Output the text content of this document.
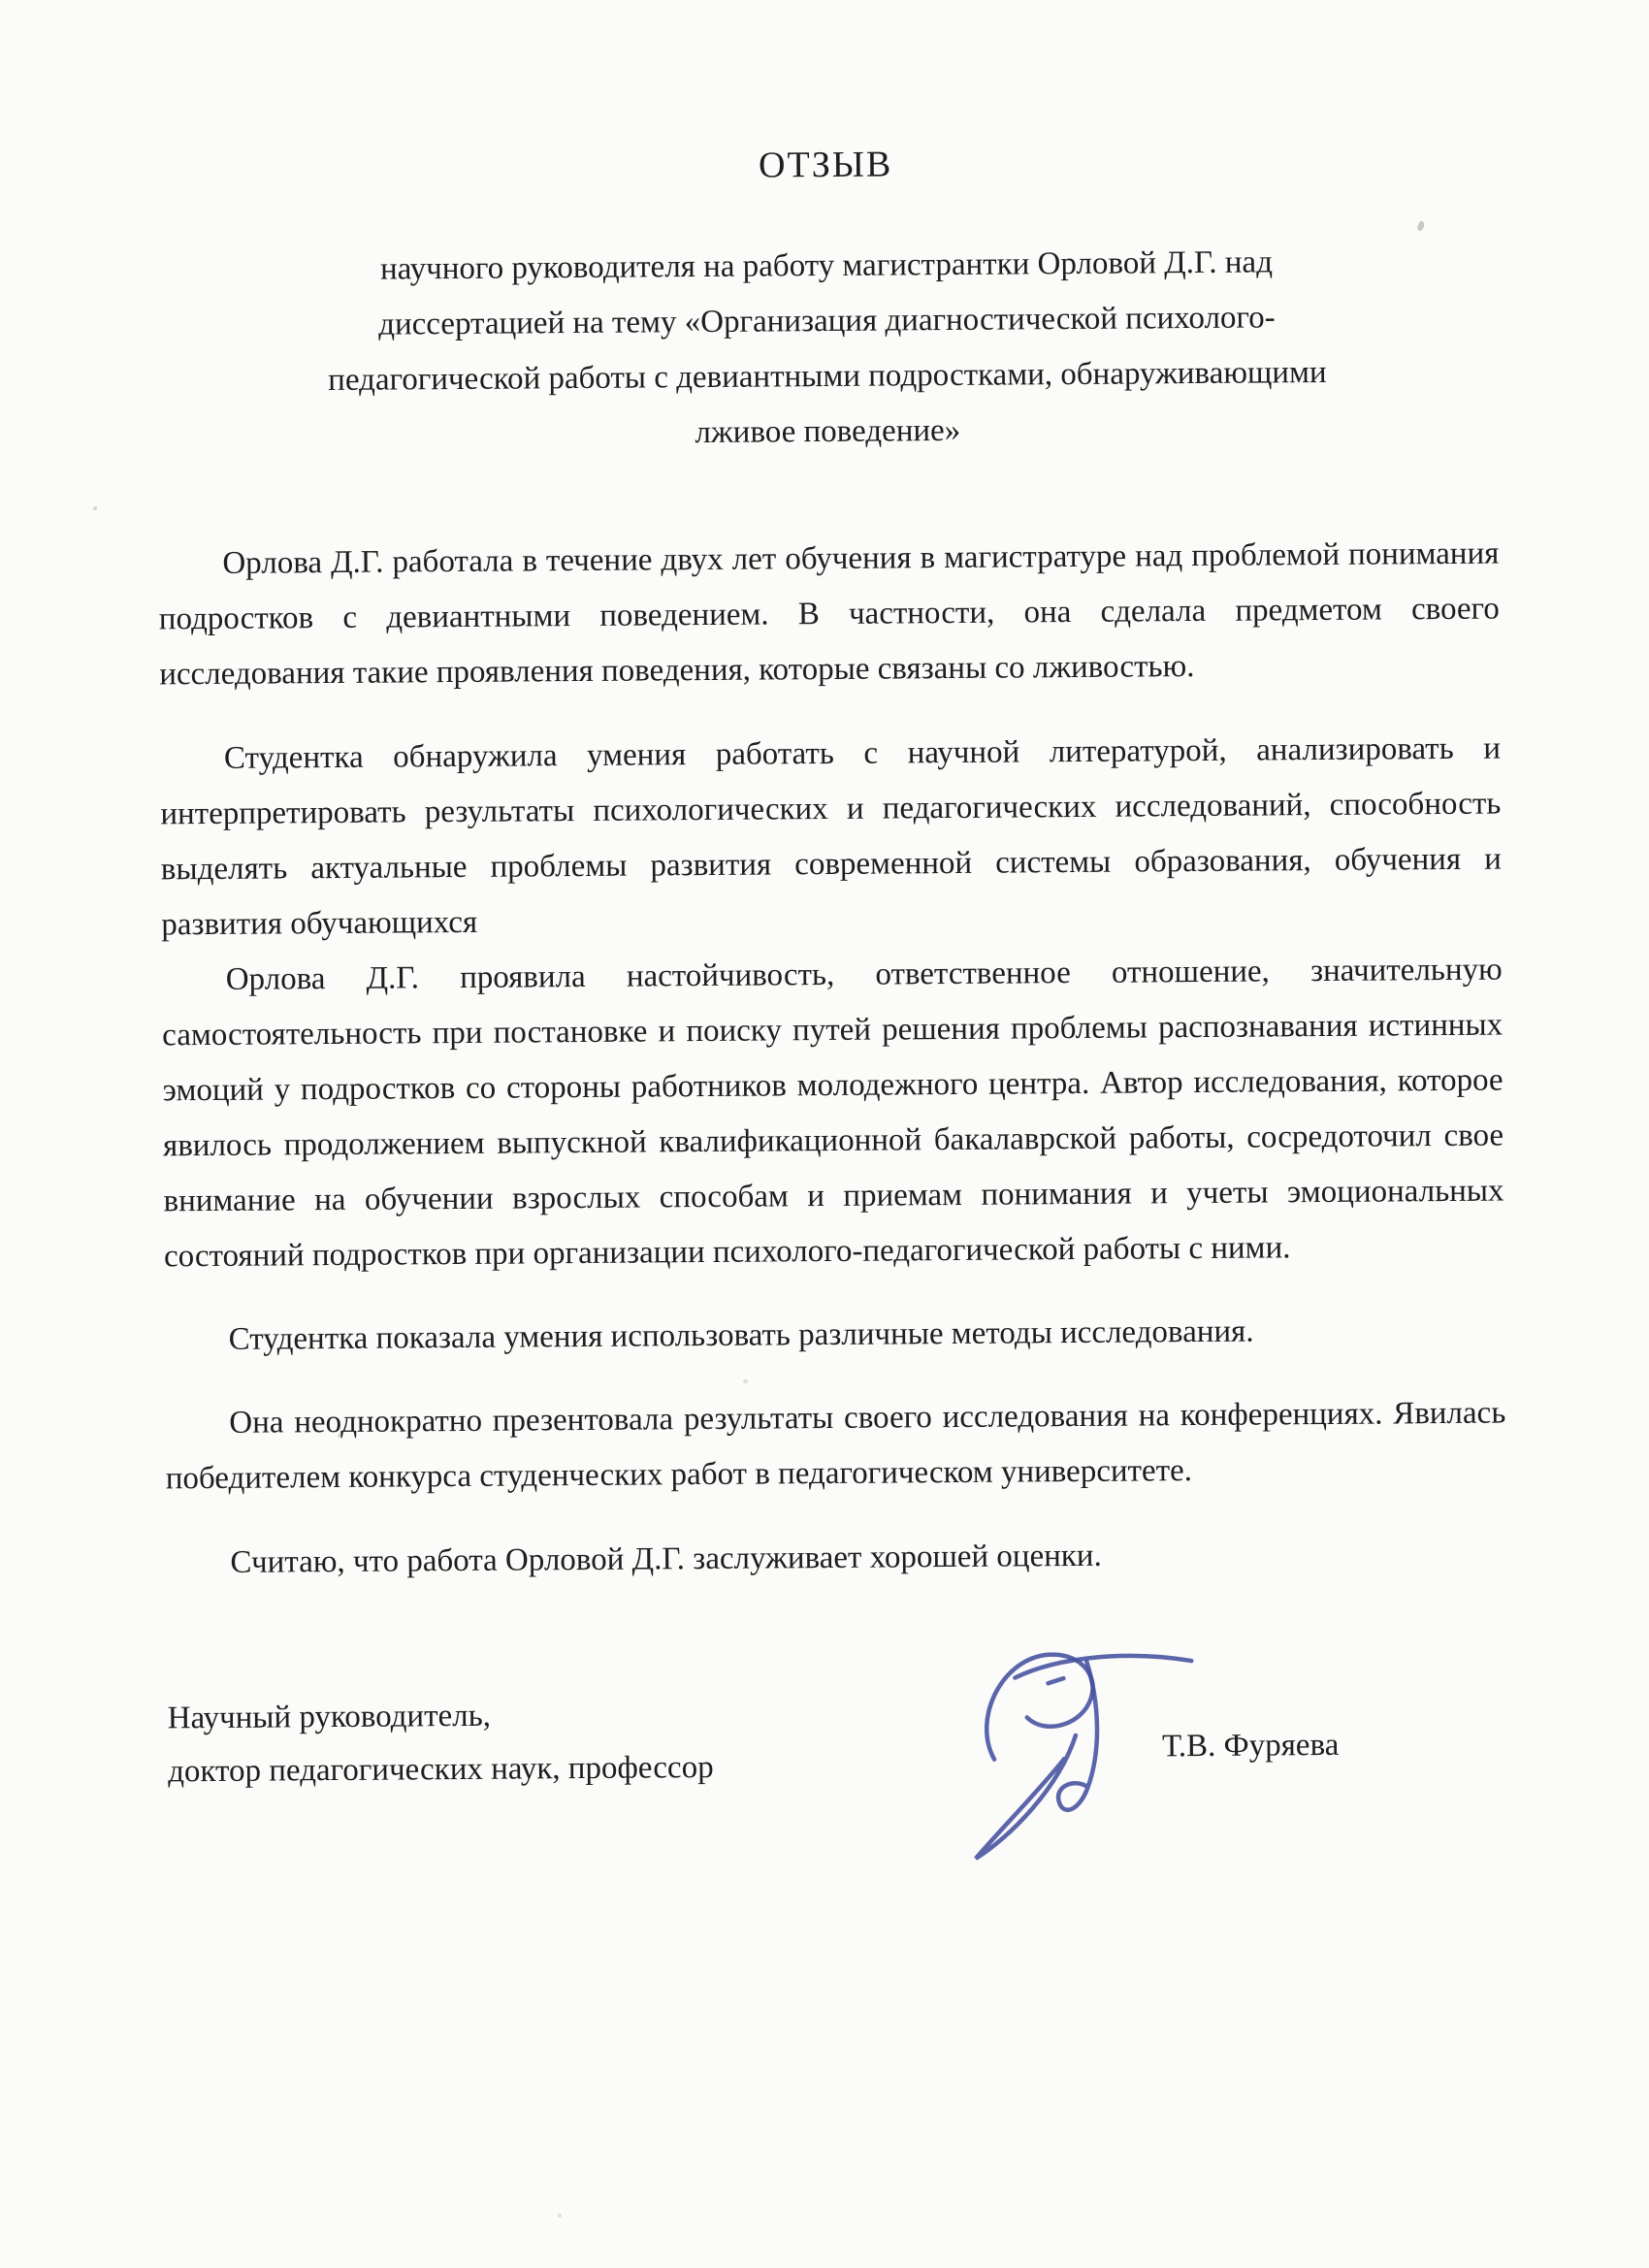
ОТЗЫВ
научного руководителя на работу магистрантки Орловой Д.Г. над
диссертацией на тему «Организация диагностической психолого-
педагогической работы с девиантными подростками, обнаруживающими
лживое поведение»

Орлова Д.Г. работала в течение двух лет обучения в магистратуре над проблемой понимания подростков с девиантными поведением. В частности, она сделала предметом своего исследования такие проявления поведения, которые связаны со лживостью.

Студентка обнаружила умения работать с научной литературой, анализировать и интерпретировать результаты психологических и педагогических исследований, способность выделять актуальные проблемы развития современной системы образования, обучения и развития обучающихся

Орлова Д.Г. проявила настойчивость, ответственное отношение, значительную самостоятельность при постановке и поиску путей решения проблемы распознавания истинных эмоций у подростков со стороны работников молодежного центра. Автор исследования, которое явилось продолжением выпускной квалификационной бакалаврской работы, сосредоточил свое внимание на обучении взрослых способам и приемам понимания и учеты эмоциональных состояний подростков при организации психолого-педагогической работы с ними.

Студентка показала умения использовать различные методы исследования.

Она неоднократно презентовала результаты своего исследования на конференциях. Явилась победителем конкурса студенческих работ в педагогическом университете.

Считаю, что работа Орловой Д.Г. заслуживает хорошей оценки.

Научный руководитель,
доктор педагогических наук, профессор
Т.В. Фуряева
